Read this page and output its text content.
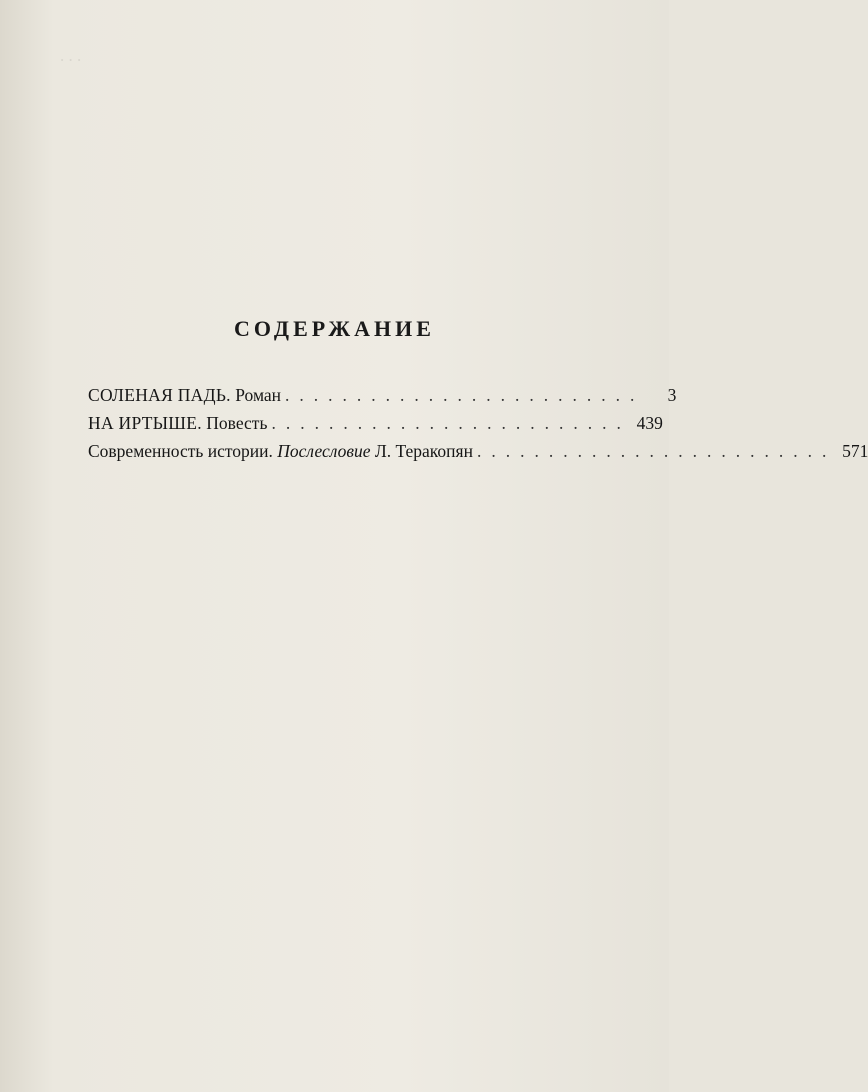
. . .
СОДЕРЖАНИЕ
СОЛЕНАЯ ПАДЬ. Роман .........................	3
НА ИРТЫШЕ. Повесть ......................... 439
Современность истории. Послесловие Л. Теракопян ......................... 571
